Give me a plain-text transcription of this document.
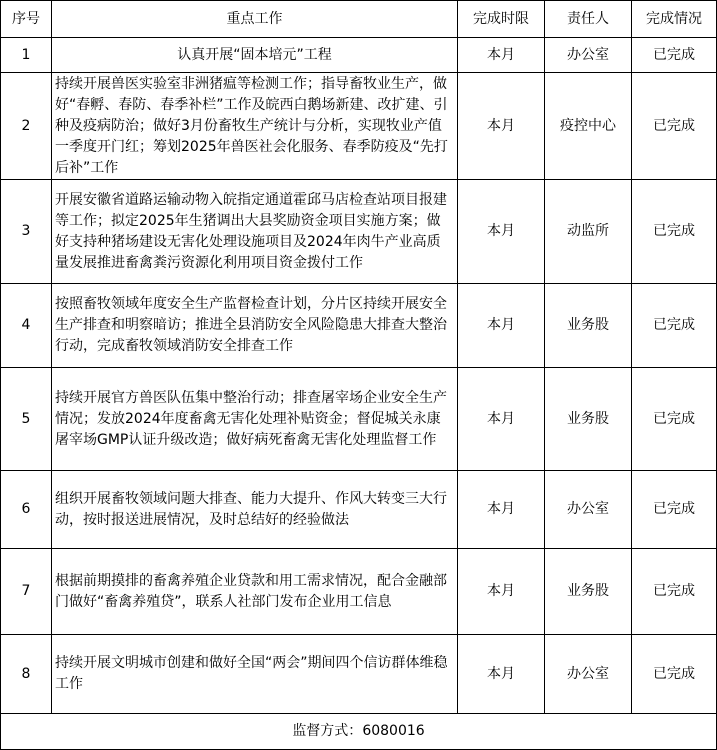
序号	重点工作	完成时限	责任人	完成情况
1	认真开展“固本培元”工程	本月	办公室	已完成
2	持续开展兽医实验室非洲猪瘟等检测工作；指导畜牧业生产，做好“春孵、春防、春季补栏”工作及皖西白鹅场新建、改扩建、引种及疫病防治；做好3月份畜牧生产统计与分析，实现牧业产值一季度开门红；筹划2025年兽医社会化服务、春季防疫及“先打后补”工作	本月	疫控中心	已完成
3	开展安徽省道路运输动物入皖指定通道霍邱马店检查站项目报建等工作；拟定2025年生猪调出大县奖励资金项目实施方案；做好支持种猪场建设无害化处理设施项目及2024年肉牛产业高质量发展推进畜禽粪污资源化利用项目资金拨付工作	本月	动监所	已完成
4	按照畜牧领域年度安全生产监督检查计划，分片区持续开展安全生产排查和明察暗访；推进全县消防安全风险隐患大排查大整治行动，完成畜牧领域消防安全排查工作	本月	业务股	已完成
5	持续开展官方兽医队伍集中整治行动；排查屠宰场企业安全生产情况；发放2024年度畜禽无害化处理补贴资金；督促城关永康屠宰场GMP认证升级改造；做好病死畜禽无害化处理监督工作	本月	业务股	已完成
6	组织开展畜牧领域问题大排查、能力大提升、作风大转变三大行动，按时报送进展情况，及时总结好的经验做法	本月	办公室	已完成
7	根据前期摸排的畜禽养殖企业贷款和用工需求情况，配合金融部门做好“畜禽养殖贷”，联系人社部门发布企业用工信息	本月	业务股	已完成
8	持续开展文明城市创建和做好全国“两会”期间四个信访群体维稳工作	本月	办公室	已完成
监督方式：6080016				
